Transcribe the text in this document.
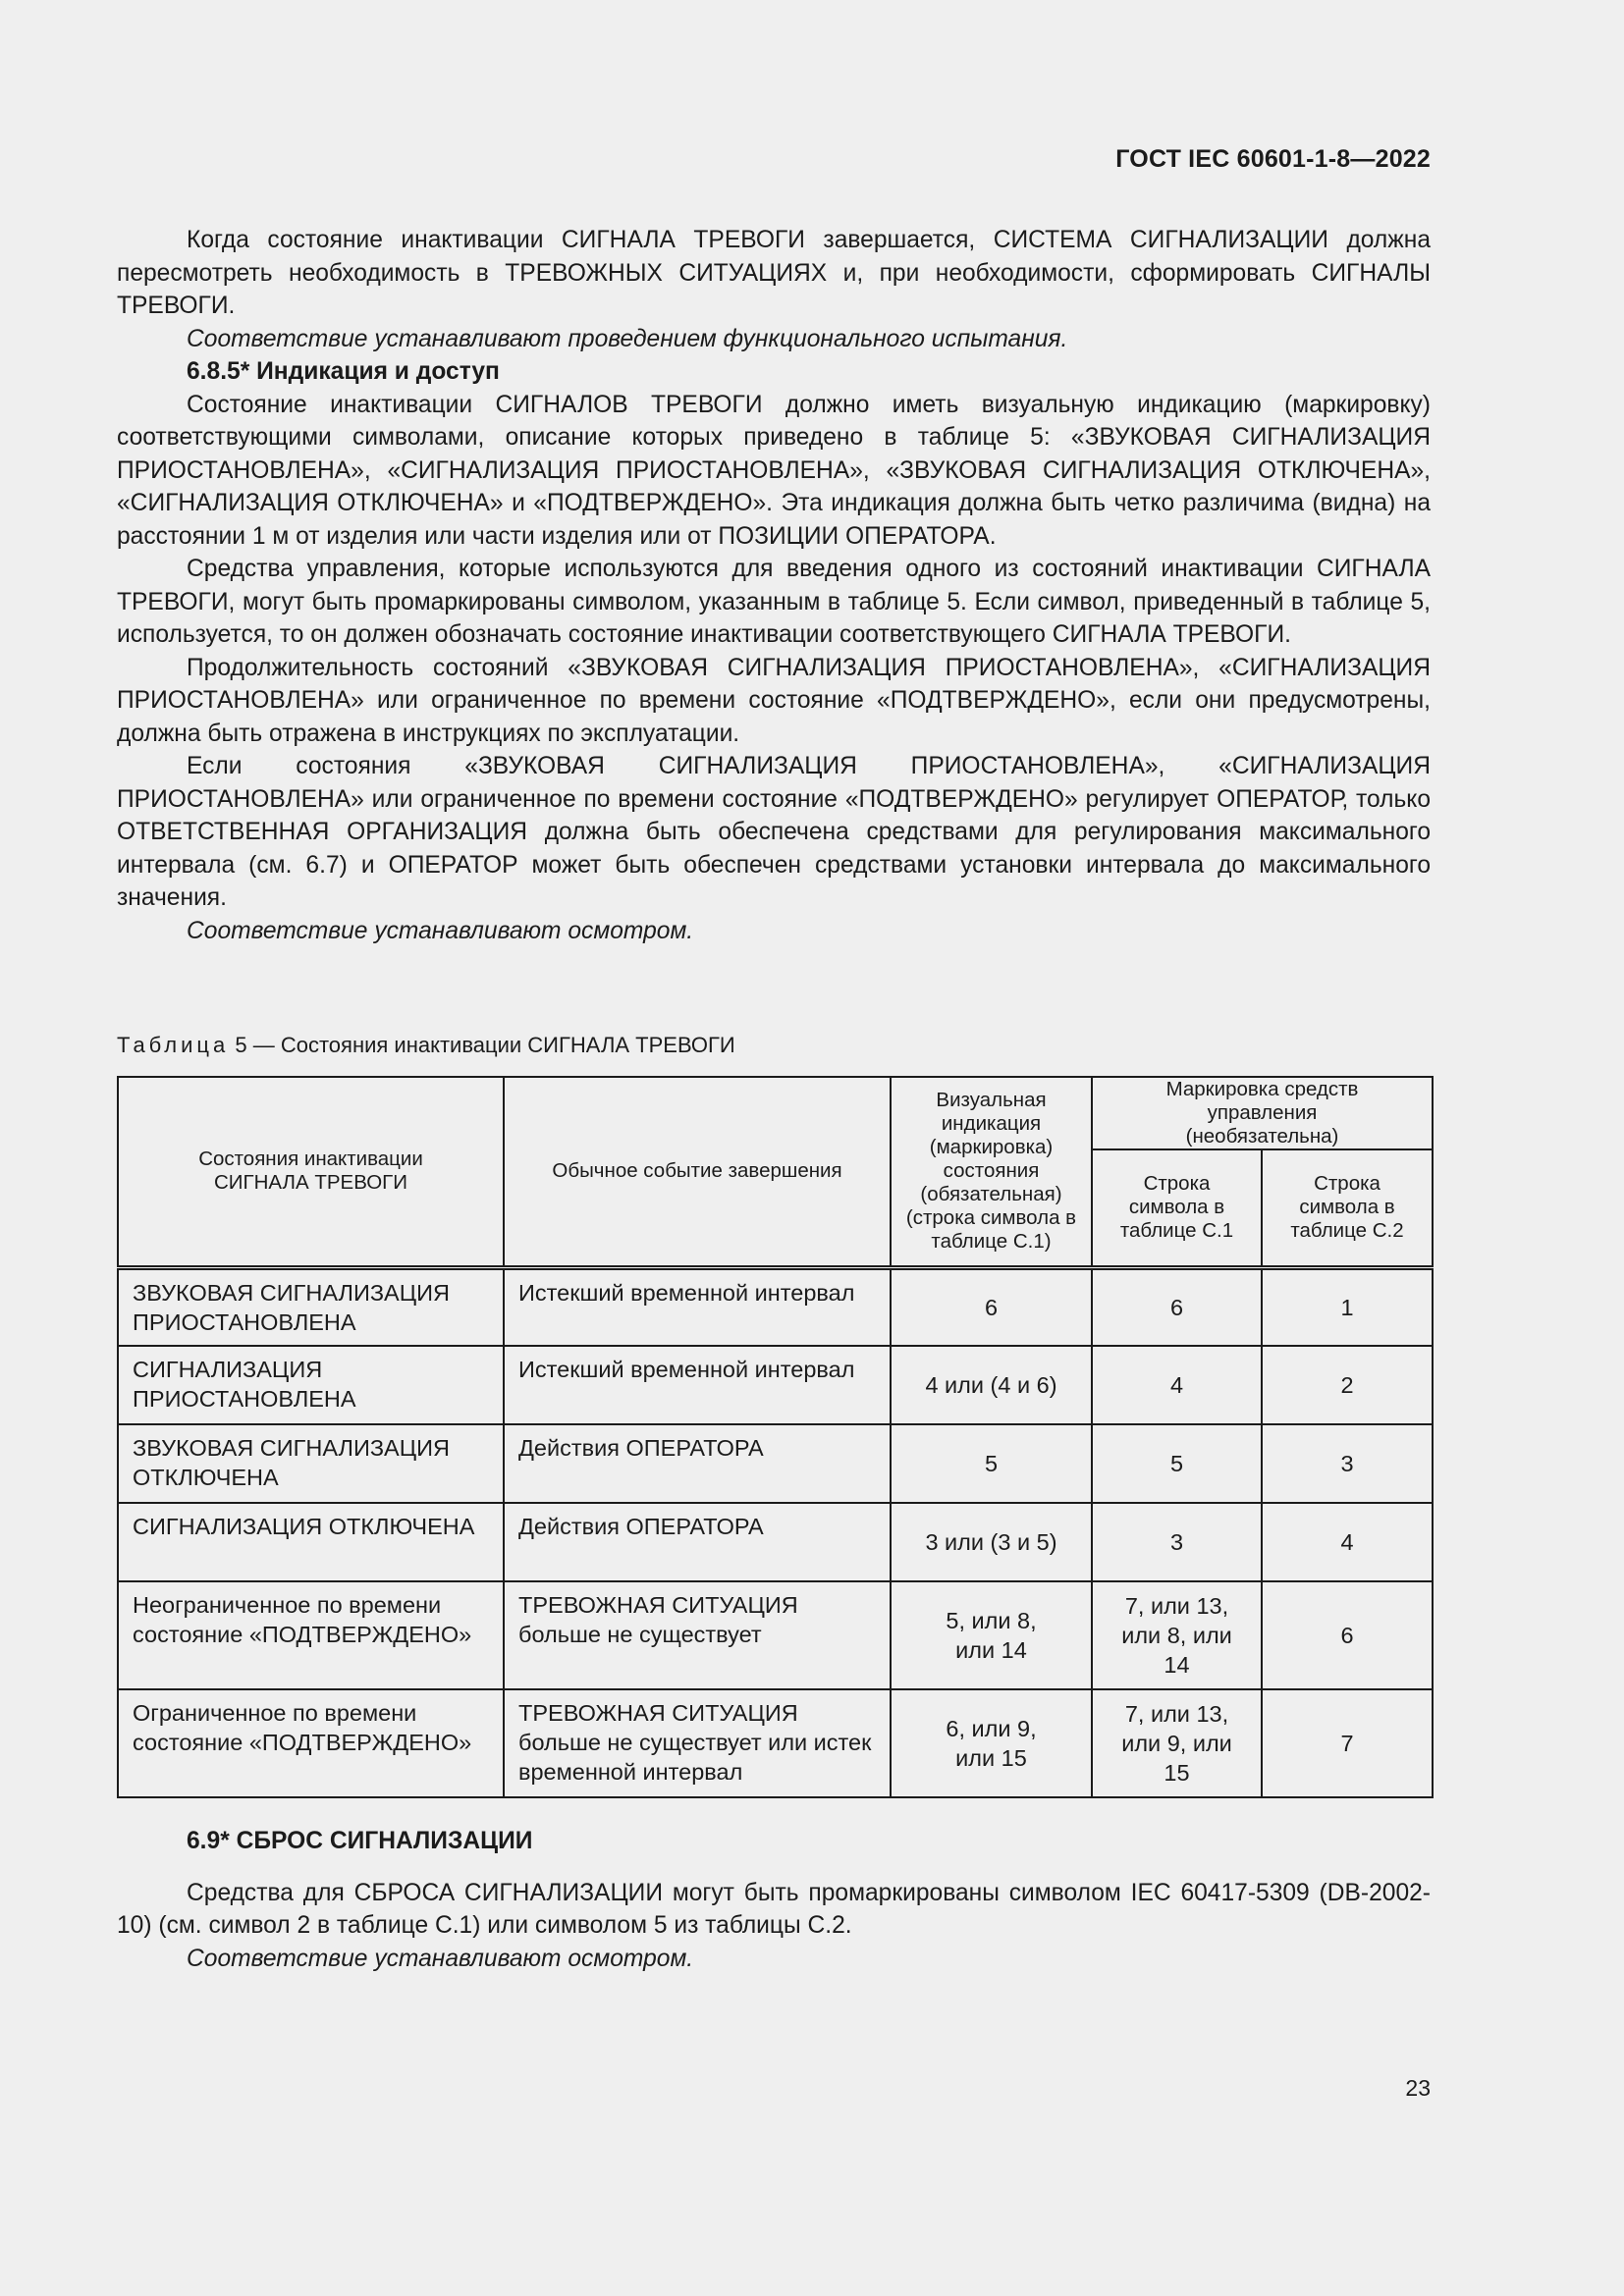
ГОСТ IEC 60601-1-8—2022

Когда состояние инактивации СИГНАЛА ТРЕВОГИ завершается, СИСТЕМА СИГНАЛИЗАЦИИ должна пересмотреть необходимость в ТРЕВОЖНЫХ СИТУАЦИЯХ и, при необходимости, сформировать СИГНАЛЫ ТРЕВОГИ.

Соответствие устанавливают проведением функционального испытания.

6.8.5* Индикация и доступ

Состояние инактивации СИГНАЛОВ ТРЕВОГИ должно иметь визуальную индикацию (маркировку) соответствующими символами, описание которых приведено в таблице 5: «ЗВУКОВАЯ СИГНАЛИЗАЦИЯ ПРИОСТАНОВЛЕНА», «СИГНАЛИЗАЦИЯ ПРИОСТАНОВЛЕНА», «ЗВУКОВАЯ СИГНАЛИЗАЦИЯ ОТКЛЮЧЕНА», «СИГНАЛИЗАЦИЯ ОТКЛЮЧЕНА» и «ПОДТВЕРЖДЕНО». Эта индикация должна быть четко различима (видна) на расстоянии 1 м от изделия или части изделия или от ПОЗИЦИИ ОПЕРАТОРА.

Средства управления, которые используются для введения одного из состояний инактивации СИГНАЛА ТРЕВОГИ, могут быть промаркированы символом, указанным в таблице 5. Если символ, приведенный в таблице 5, используется, то он должен обозначать состояние инактивации соответствующего СИГНАЛА ТРЕВОГИ.

Продолжительность состояний «ЗВУКОВАЯ СИГНАЛИЗАЦИЯ ПРИОСТАНОВЛЕНА», «СИГНАЛИЗАЦИЯ ПРИОСТАНОВЛЕНА» или ограниченное по времени состояние «ПОДТВЕРЖДЕНО», если они предусмотрены, должна быть отражена в инструкциях по эксплуатации.

Если состояния «ЗВУКОВАЯ СИГНАЛИЗАЦИЯ ПРИОСТАНОВЛЕНА», «СИГНАЛИЗАЦИЯ ПРИОСТАНОВЛЕНА» или ограниченное по времени состояние «ПОДТВЕРЖДЕНО» регулирует ОПЕРАТОР, только ОТВЕТСТВЕННАЯ ОРГАНИЗАЦИЯ должна быть обеспечена средствами для регулирования максимального интервала (см. 6.7) и ОПЕРАТОР может быть обеспечен средствами установки интервала до максимального значения.

Соответствие устанавливают осмотром.

Таблица 5 — Состояния инактивации СИГНАЛА ТРЕВОГИ
Состояния инактивации СИГНАЛА ТРЕВОГИ	Обычное событие завершения	Визуальная индикация (маркировка) состояния (обязательная) (строка символа в таблице С.1)	Маркировка средств управления (необязательна)	
			Строка символа в таблице С.1	Строка символа в таблице С.2
ЗВУКОВАЯ СИГНАЛИЗАЦИЯ ПРИОСТАНОВЛЕНА	Истекший временной интервал	6	6	1
СИГНАЛИЗАЦИЯ ПРИОСТАНОВЛЕНА	Истекший временной интервал	4 или (4 и 6)	4	2
ЗВУКОВАЯ СИГНАЛИЗАЦИЯ ОТКЛЮЧЕНА	Действия ОПЕРАТОРА	5	5	3
СИГНАЛИЗАЦИЯ ОТКЛЮЧЕНА	Действия ОПЕРАТОРА	3 или (3 и 5)	3	4
Неограниченное по времени состояние «ПОДТВЕРЖДЕНО»	ТРЕВОЖНАЯ СИТУАЦИЯ больше не существует	5, или 8, или 14	7, или 13, или 8, или 14	6
Ограниченное по времени состояние «ПОДТВЕРЖДЕНО»	ТРЕВОЖНАЯ СИТУАЦИЯ больше не существует или истек временной интервал	6, или 9, или 15	7, или 13, или 9, или 15	7

6.9* СБРОС СИГНАЛИЗАЦИИ

Средства для СБРОСА СИГНАЛИЗАЦИИ могут быть промаркированы символом IEC 60417-5309 (DB-2002-10) (см. символ 2 в таблице С.1) или символом 5 из таблицы С.2.

Соответствие устанавливают осмотром.

23
